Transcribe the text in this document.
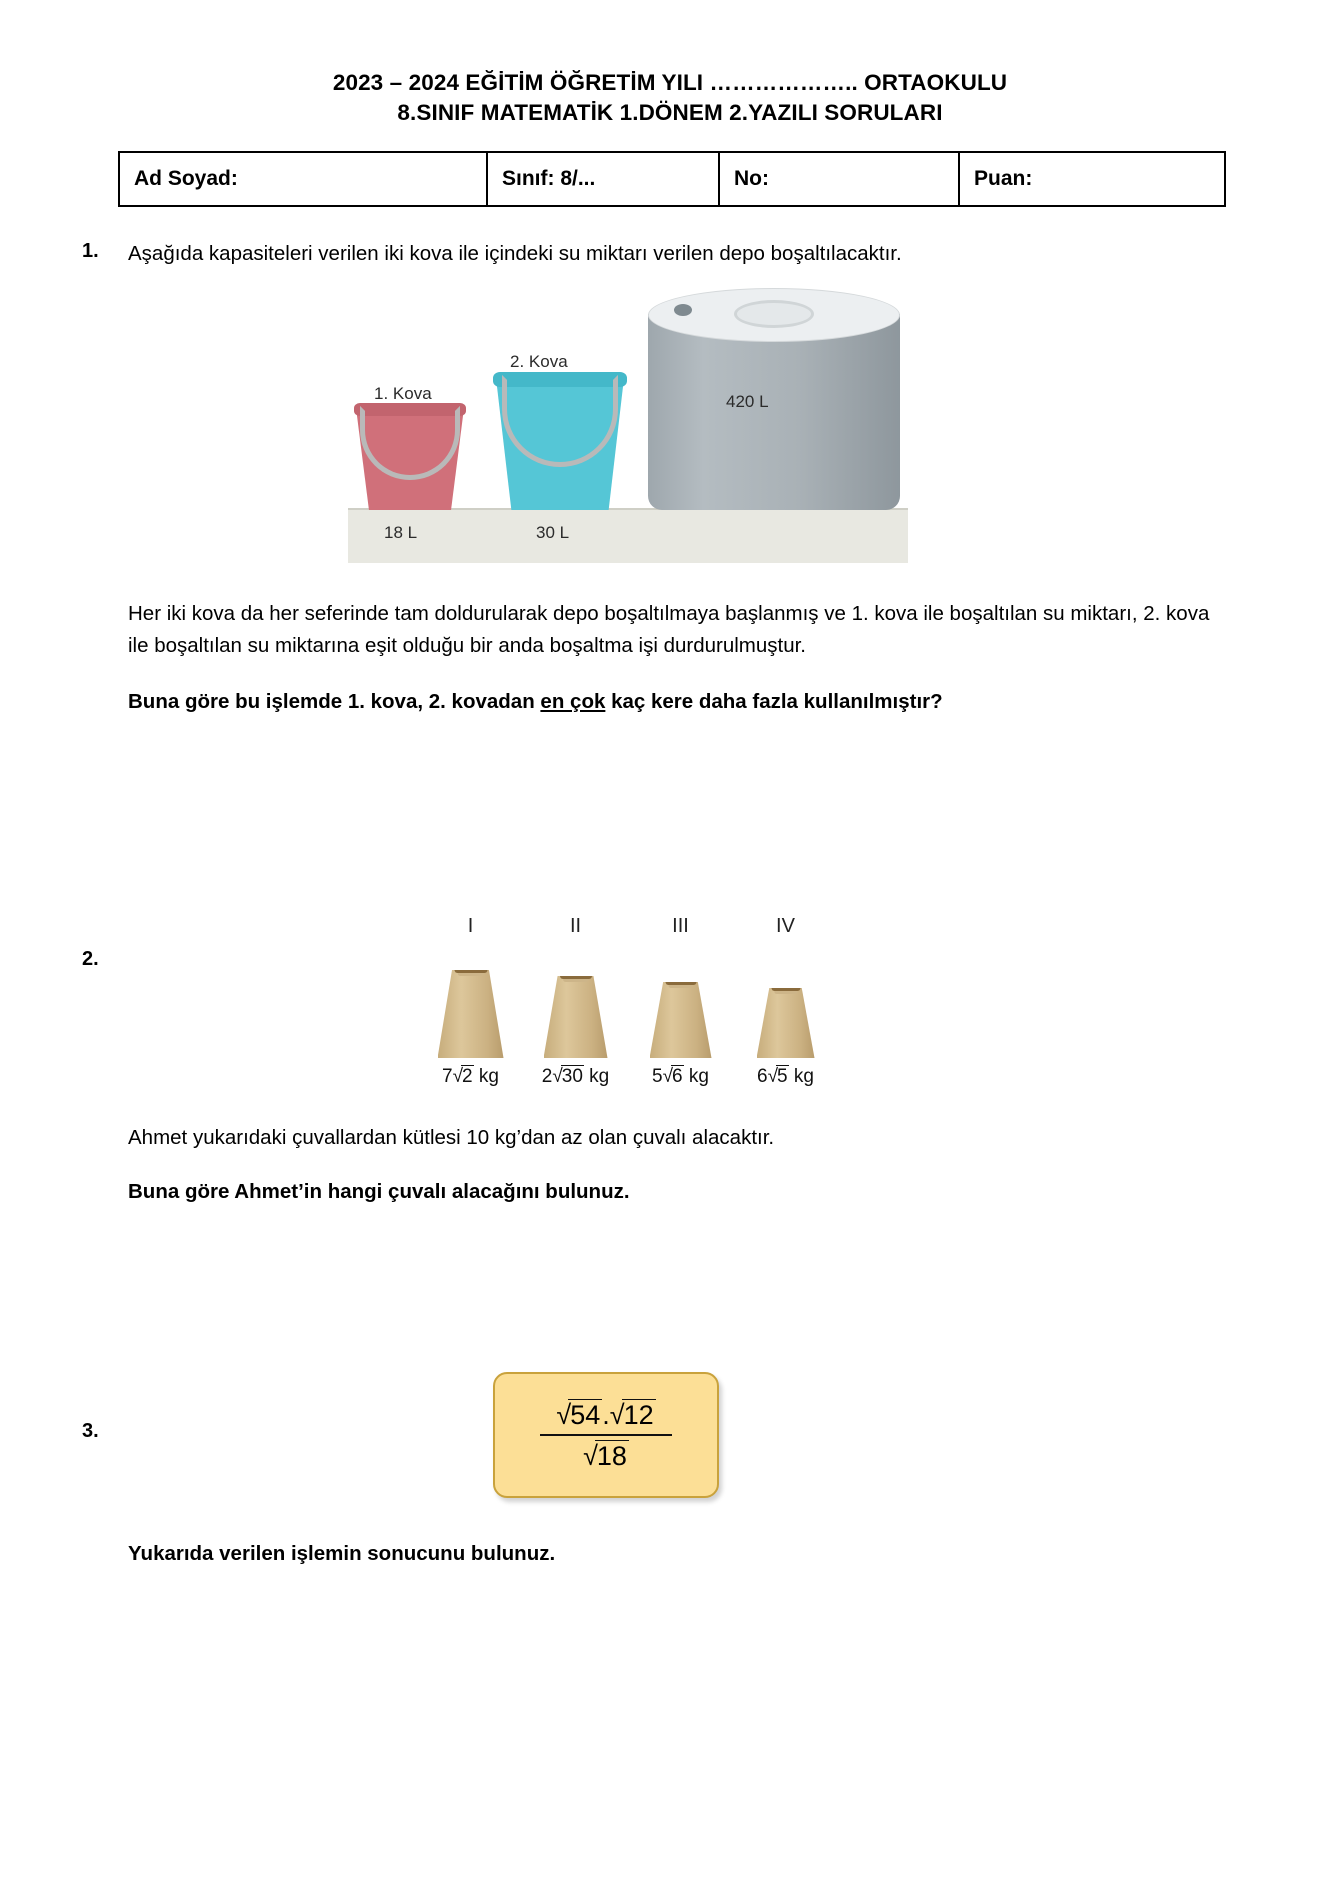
2023 – 2024 EĞİTİM ÖĞRETİM YILI ……………….. ORTAOKULU
8.SINIF MATEMATİK 1.DÖNEM 2.YAZILI SORULARI
Ad Soyad:	Sınıf: 8/...	No:	Puan:
1. Aşağıda kapasiteleri verilen iki kova ile içindeki su miktarı verilen depo boşaltılacaktır.
420 L
1. Kova
2. Kova
18 L	30 L
Her iki kova da her seferinde tam doldurularak depo boşaltılmaya başlanmış ve 1. kova ile boşaltılan su miktarı, 2. kova ile boşaltılan su miktarına eşit olduğu bir anda boşaltma işi durdurulmuştur.
Buna göre bu işlemde 1. kova, 2. kovadan en çok kaç kere daha fazla kullanılmıştır?
2.
I	II	III	IV
7√2 kg	2√30 kg	5√6 kg	6√5 kg
Ahmet yukarıdaki çuvallardan kütlesi 10 kg’dan az olan çuvalı alacaktır.
Buna göre Ahmet’in hangi çuvalı alacağını bulunuz.
3.
√54.√12
√18
Yukarıda verilen işlemin sonucunu bulunuz.
